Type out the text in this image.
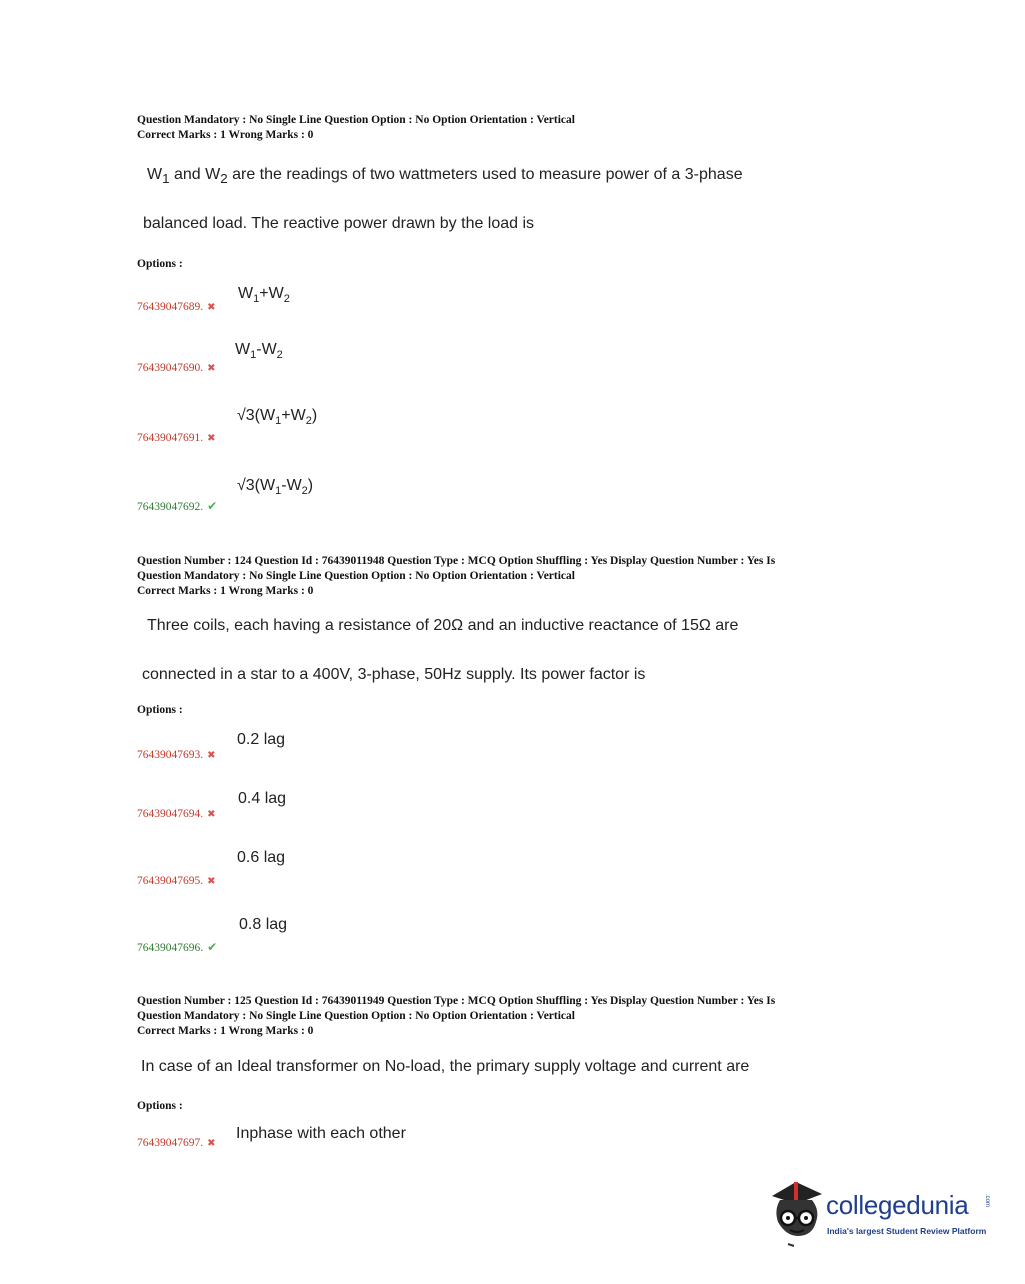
Question Mandatory : No Single Line Question Option : No Option Orientation : Vertical
Correct Marks : 1 Wrong Marks : 0
$W_1$ and $W_2$ are the readings of two wattmeters used to measure power of a 3-phase
balanced load. The reactive power drawn by the load is
Options :
$W_1+W_2$
76439047689. ✖
$W_1-W_2$
76439047690. ✖
$√3(W_1+W_2)$
76439047691. ✖
$√3(W_1-W_2)$
76439047692. ✔
Question Number : 124 Question Id : 76439011948 Question Type : MCQ Option Shuffling : Yes Display Question Number : Yes Is
Question Mandatory : No Single Line Question Option : No Option Orientation : Vertical
Correct Marks : 1 Wrong Marks : 0
Three coils, each having a resistance of 20Ω and an inductive reactance of 15Ω are
connected in a star to a 400V, 3-phase, 50Hz supply. Its power factor is
Options :
0.2 lag
76439047693. ✖
0.4 lag
76439047694. ✖
0.6 lag
76439047695. ✖
0.8 lag
76439047696. ✔
Question Number : 125 Question Id : 76439011949 Question Type : MCQ Option Shuffling : Yes Display Question Number : Yes Is
Question Mandatory : No Single Line Question Option : No Option Orientation : Vertical
Correct Marks : 1 Wrong Marks : 0
In case of an Ideal transformer on No-load, the primary supply voltage and current are
Options :
Inphase with each other
76439047697. ✖
collegedunia	.com
India's largest Student Review Platform
